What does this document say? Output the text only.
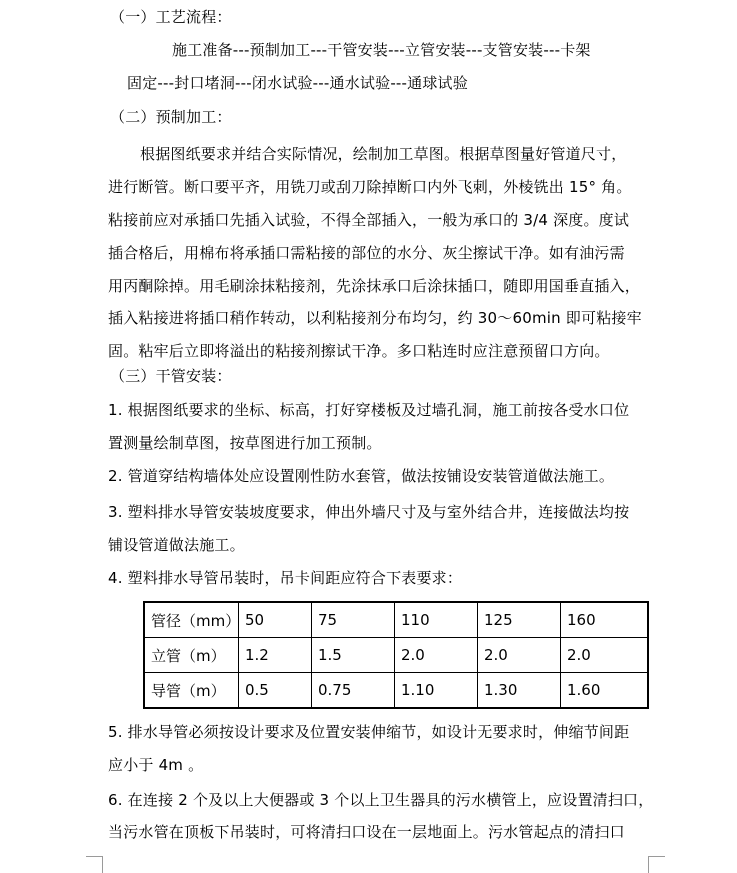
（一）工艺流程：
施工准备---预制加工---干管安装---立管安装---支管安装---卡架
固定---封口堵洞---闭水试验---通水试验---通球试验
（二）预制加工：
根据图纸要求并结合实际情况，绘制加工草图。根据草图量好管道尺寸，
进行断管。断口要平齐，用铣刀或刮刀除掉断口内外飞刺，外棱铣出 15° 角。
粘接前应对承插口先插入试验，不得全部插入，一般为承口的 3/4 深度。度试
插合格后，用棉布将承插口需粘接的部位的水分、灰尘擦试干净。如有油污需
用丙酮除掉。用毛刷涂抹粘接剂，先涂抹承口后涂抹插口，随即用国垂直插入，
插入粘接进将插口稍作转动，以利粘接剂分布均匀，约 30～60min 即可粘接牢
固。粘牢后立即将溢出的粘接剂擦试干净。多口粘连时应注意预留口方向。
（三）干管安装：
1. 根据图纸要求的坐标、标高，打好穿楼板及过墙孔洞，施工前按各受水口位
置测量绘制草图，按草图进行加工预制。
2. 管道穿结构墙体处应设置刚性防水套管，做法按铺设安装管道做法施工。
3. 塑料排水导管安装坡度要求，伸出外墙尺寸及与室外结合井，连接做法均按
铺设管道做法施工。
4. 塑料排水导管吊装时，吊卡间距应符合下表要求：
管径（mm）	50	75	110	125	160
立管（m）	1.2	1.5	2.0	2.0	2.0
导管（m）	0.5	0.75	1.10	1.30	1.60
5. 排水导管必须按设计要求及位置安装伸缩节，如设计无要求时，伸缩节间距
应小于 4m 。
6. 在连接 2 个及以上大便器或 3 个以上卫生器具的污水横管上，应设置清扫口，
当污水管在顶板下吊装时，可将清扫口设在一层地面上。污水管起点的清扫口
